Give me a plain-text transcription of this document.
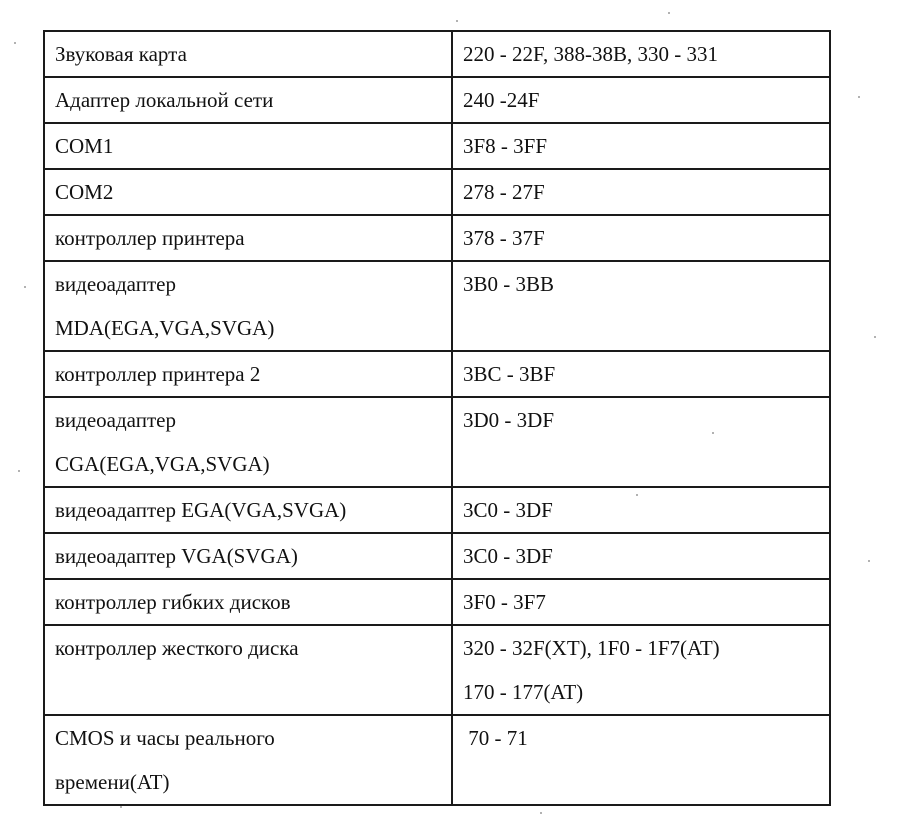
Звуковая карта	220 - 22F, 388-38B, 330 - 331

Адаптер локальной сети	240 -24F

COM1	3F8 - 3FF

COM2	278 - 27F

контроллер принтера	378 - 37F

видеоадаптер
MDA(EGA,VGA,SVGA)	3B0 - 3BB

контроллер принтера 2	3BC - 3BF

видеоадаптер
CGA(EGA,VGA,SVGA)	3D0 - 3DF

видеоадаптер EGA(VGA,SVGA)	3C0 - 3DF

видеоадаптер VGA(SVGA)	3C0 - 3DF

контроллер гибких дисков	3F0 - 3F7

контроллер жесткого диска	320 - 32F(XT), 1F0 - 1F7(AT)
170 - 177(AT)

CMOS и часы реального
времени(AT)	70 - 71
